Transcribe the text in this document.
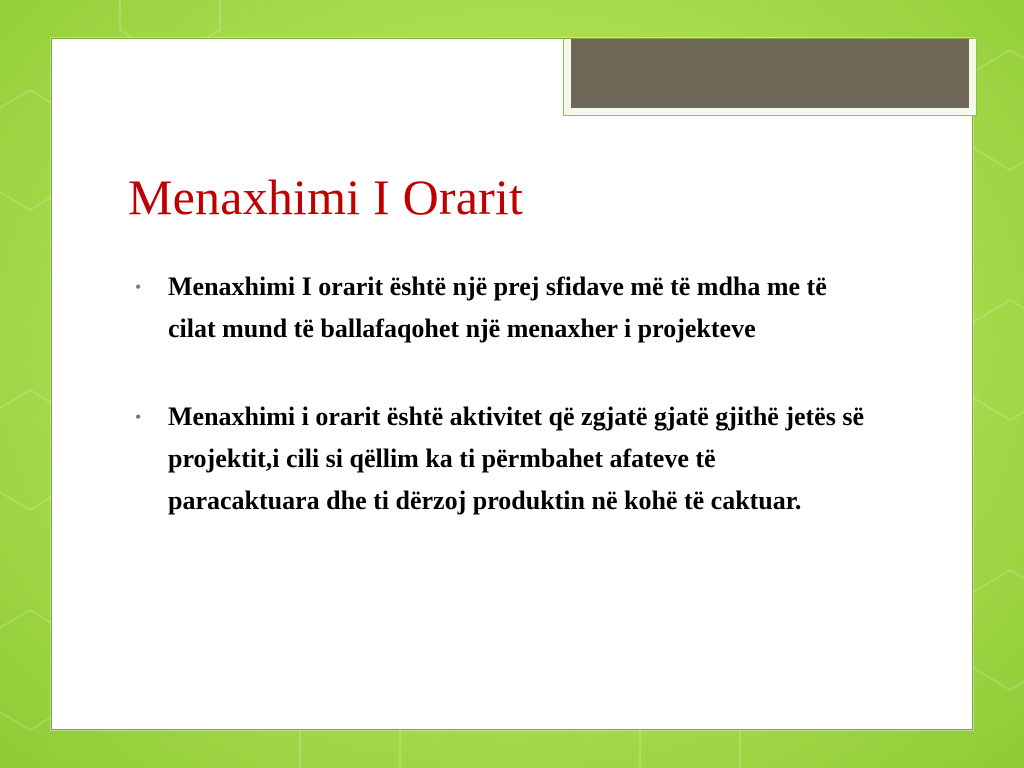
Menaxhimi I Orarit
• Menaxhimi I orarit është një prej sfidave më të mdha me të cilat mund të ballafaqohet një menaxher i projekteve
• Menaxhimi i orarit është aktivitet që zgjatë gjatë gjithë jetës së projektit,i cili si qëllim ka ti përmbahet afateve të paracaktuara dhe ti dërzoj produktin në kohë të caktuar.
